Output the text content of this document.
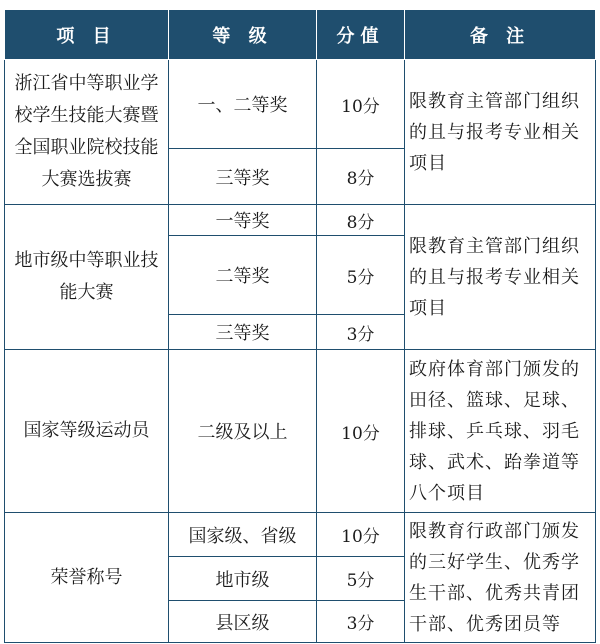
项 目	等 级	分值	备 注
浙江省中等职业学校学生技能大赛暨全国职业院校技能大赛选拔赛	一、二等奖	10分	限教育主管部门组织的且与报考专业相关项目
	三等奖	8分	
地市级中等职业技能大赛	一等奖	8分	限教育主管部门组织的且与报考专业相关项目
	二等奖	5分	
	三等奖	3分	
国家等级运动员	二级及以上	10分	政府体育部门颁发的田径、篮球、足球、排球、乒乓球、羽毛球、武术、跆拳道等八个项目
荣誉称号	国家级、省级	10分	限教育行政部门颁发的三好学生、优秀学生干部、优秀共青团干部、优秀团员等
	地市级	5分	
	县区级	3分	
